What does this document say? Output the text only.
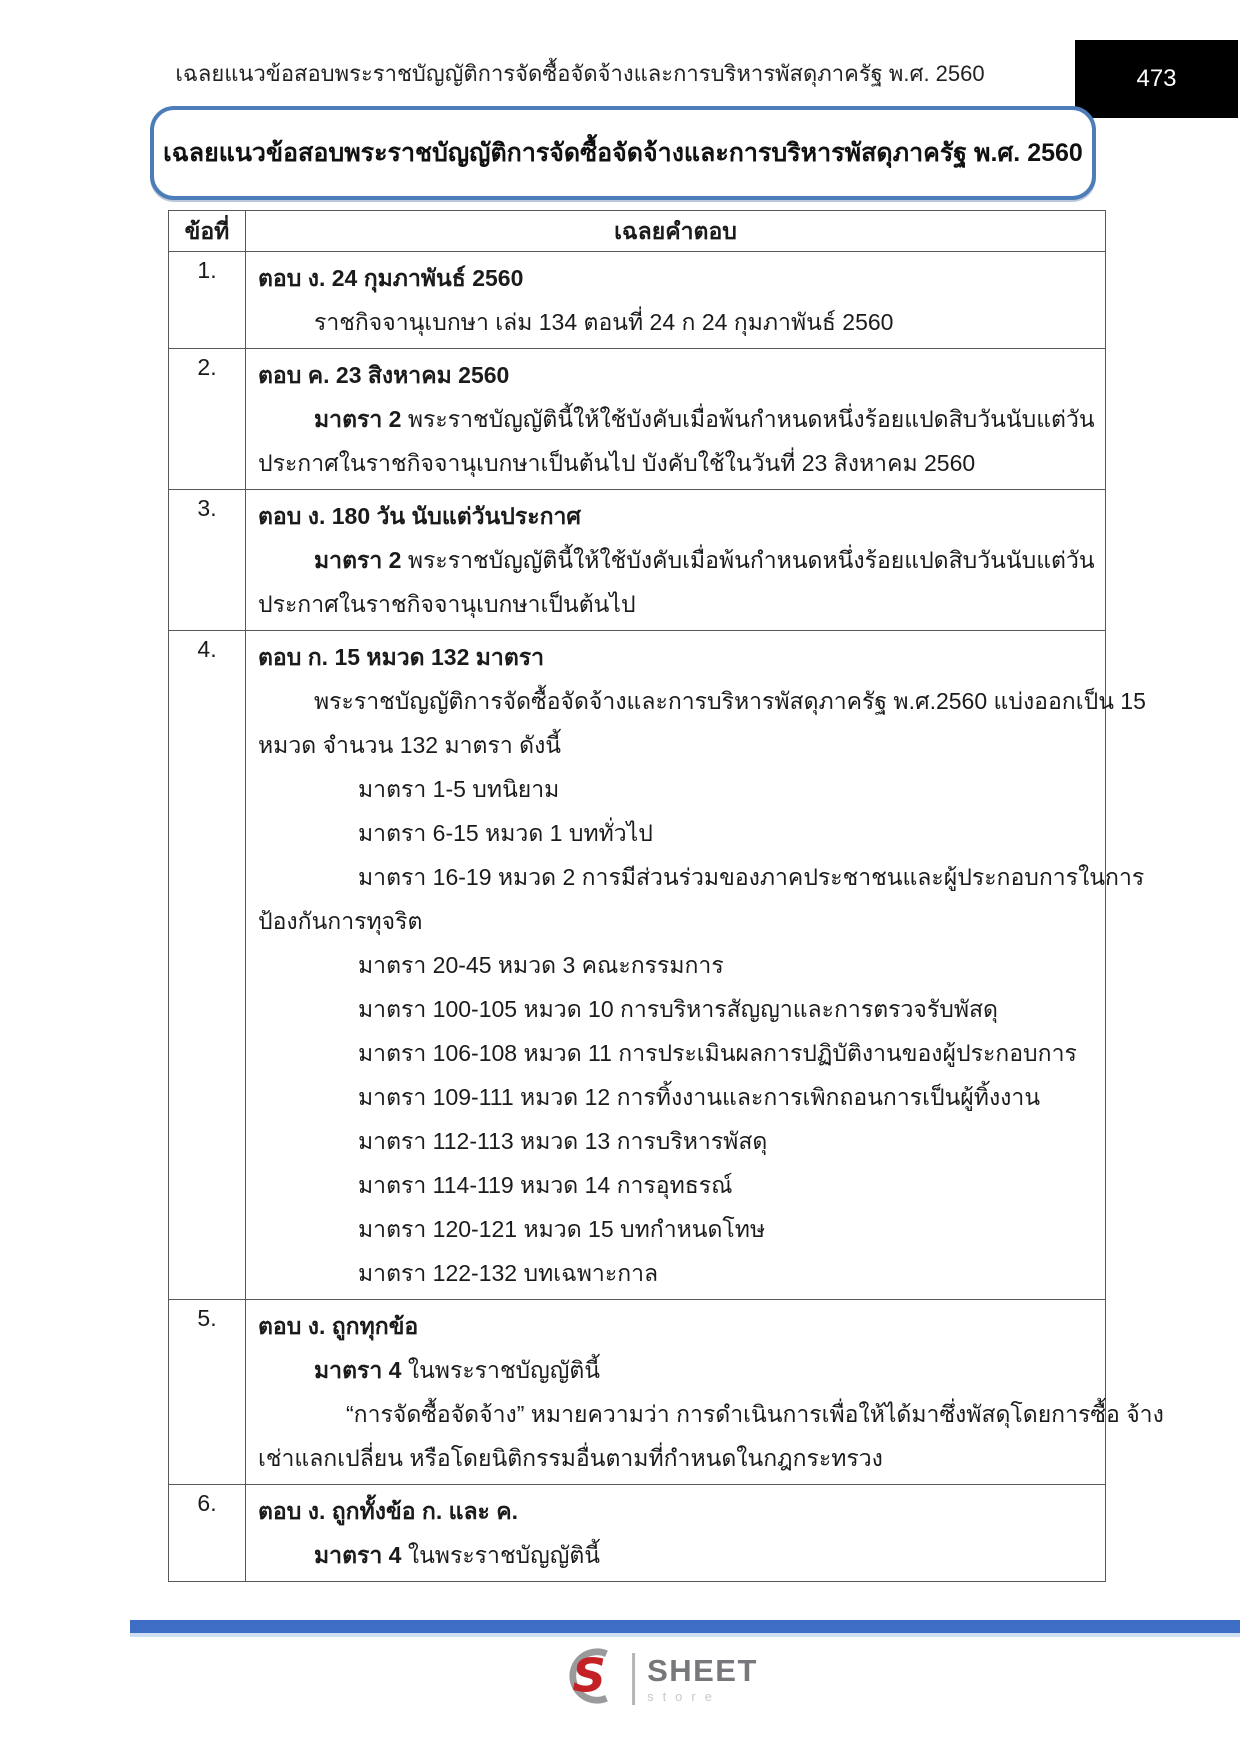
เฉลยแนวข้อสอบพระราชบัญญัติการจัดซื้อจัดจ้างและการบริหารพัสดุภาครัฐ พ.ศ. 2560	473
เฉลยแนวข้อสอบพระราชบัญญัติการจัดซื้อจัดจ้างและการบริหารพัสดุภาครัฐ พ.ศ. 2560
ข้อที่	เฉลยคำตอบ
1.	ตอบ ง. 24 กุมภาพันธ์ 2560
ราชกิจจานุเบกษา เล่ม 134 ตอนที่ 24 ก 24 กุมภาพันธ์ 2560

2.	ตอบ ค. 23 สิงหาคม 2560
มาตรา 2 พระราชบัญญัตินี้ให้ใช้บังคับเมื่อพ้นกำหนดหนึ่งร้อยแปดสิบวันนับแต่วัน
ประกาศในราชกิจจานุเบกษาเป็นต้นไป บังคับใช้ในวันที่ 23 สิงหาคม 2560

3.	ตอบ ง. 180 วัน นับแต่วันประกาศ
มาตรา 2 พระราชบัญญัตินี้ให้ใช้บังคับเมื่อพ้นกำหนดหนึ่งร้อยแปดสิบวันนับแต่วัน
ประกาศในราชกิจจานุเบกษาเป็นต้นไป

4.	ตอบ ก. 15 หมวด 132 มาตรา
พระราชบัญญัติการจัดซื้อจัดจ้างและการบริหารพัสดุภาครัฐ พ.ศ.2560 แบ่งออกเป็น 15
หมวด จำนวน 132 มาตรา ดังนี้
มาตรา 1-5 บทนิยาม
มาตรา 6-15 หมวด 1 บททั่วไป
มาตรา 16-19 หมวด 2 การมีส่วนร่วมของภาคประชาชนและผู้ประกอบการในการ
ป้องกันการทุจริต
มาตรา 20-45 หมวด 3 คณะกรรมการ
มาตรา 100-105 หมวด 10 การบริหารสัญญาและการตรวจรับพัสดุ
มาตรา 106-108 หมวด 11 การประเมินผลการปฏิบัติงานของผู้ประกอบการ
มาตรา 109-111 หมวด 12 การทิ้งงานและการเพิกถอนการเป็นผู้ทิ้งงาน
มาตรา 112-113 หมวด 13 การบริหารพัสดุ
มาตรา 114-119 หมวด 14 การอุทธรณ์
มาตรา 120-121 หมวด 15 บทกำหนดโทษ
มาตรา 122-132 บทเฉพาะกาล

5.	ตอบ ง. ถูกทุกข้อ
มาตรา 4 ในพระราชบัญญัตินี้
“การจัดซื้อจัดจ้าง” หมายความว่า การดำเนินการเพื่อให้ได้มาซึ่งพัสดุโดยการซื้อ จ้าง
เช่าแลกเปลี่ยน หรือโดยนิติกรรมอื่นตามที่กำหนดในกฎกระทรวง

6.	ตอบ ง. ถูกทั้งข้อ ก. และ ค.
มาตรา 4 ในพระราชบัญญัตินี้
S SHEET
store
